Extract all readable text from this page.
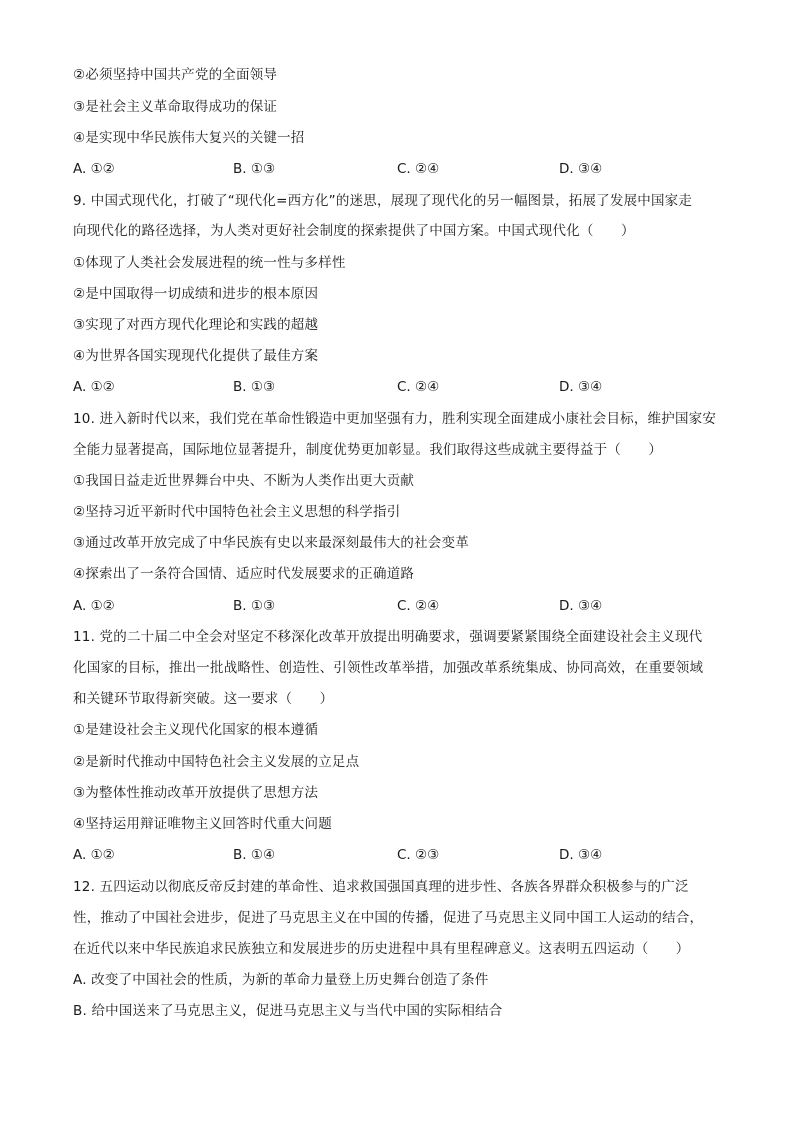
②必须坚持中国共产党的全面领导
③是社会主义革命取得成功的保证
④是实现中华民族伟大复兴的关键一招
A. ①②	B. ①③	C. ②④	D. ③④
9. 中国式现代化，打破了“现代化=西方化”的迷思，展现了现代化的另一幅图景，拓展了发展中国家走
向现代化的路径选择，为人类对更好社会制度的探索提供了中国方案。中国式现代化（　　）
①体现了人类社会发展进程的统一性与多样性
②是中国取得一切成绩和进步的根本原因
③实现了对西方现代化理论和实践的超越
④为世界各国实现现代化提供了最佳方案
A. ①②	B. ①③	C. ②④	D. ③④
10. 进入新时代以来，我们党在革命性锻造中更加坚强有力，胜利实现全面建成小康社会目标，维护国家安
全能力显著提高，国际地位显著提升，制度优势更加彰显。我们取得这些成就主要得益于（　　）
①我国日益走近世界舞台中央、不断为人类作出更大贡献
②坚持习近平新时代中国特色社会主义思想的科学指引
③通过改革开放完成了中华民族有史以来最深刻最伟大的社会变革
④探索出了一条符合国情、适应时代发展要求的正确道路
A. ①②	B. ①③	C. ②④	D. ③④
11. 党的二十届二中全会对坚定不移深化改革开放提出明确要求，强调要紧紧围绕全面建设社会主义现代
化国家的目标，推出一批战略性、创造性、引领性改革举措，加强改革系统集成、协同高效，在重要领域
和关键环节取得新突破。这一要求（　　）
①是建设社会主义现代化国家的根本遵循
②是新时代推动中国特色社会主义发展的立足点
③为整体性推动改革开放提供了思想方法
④坚持运用辩证唯物主义回答时代重大问题
A. ①②	B. ①④	C. ②③	D. ③④
12. 五四运动以彻底反帝反封建的革命性、追求救国强国真理的进步性、各族各界群众积极参与的广泛
性，推动了中国社会进步，促进了马克思主义在中国的传播，促进了马克思主义同中国工人运动的结合，
在近代以来中华民族追求民族独立和发展进步的历史进程中具有里程碑意义。这表明五四运动（　　）
A. 改变了中国社会的性质，为新的革命力量登上历史舞台创造了条件
B. 给中国送来了马克思主义，促进马克思主义与当代中国的实际相结合
